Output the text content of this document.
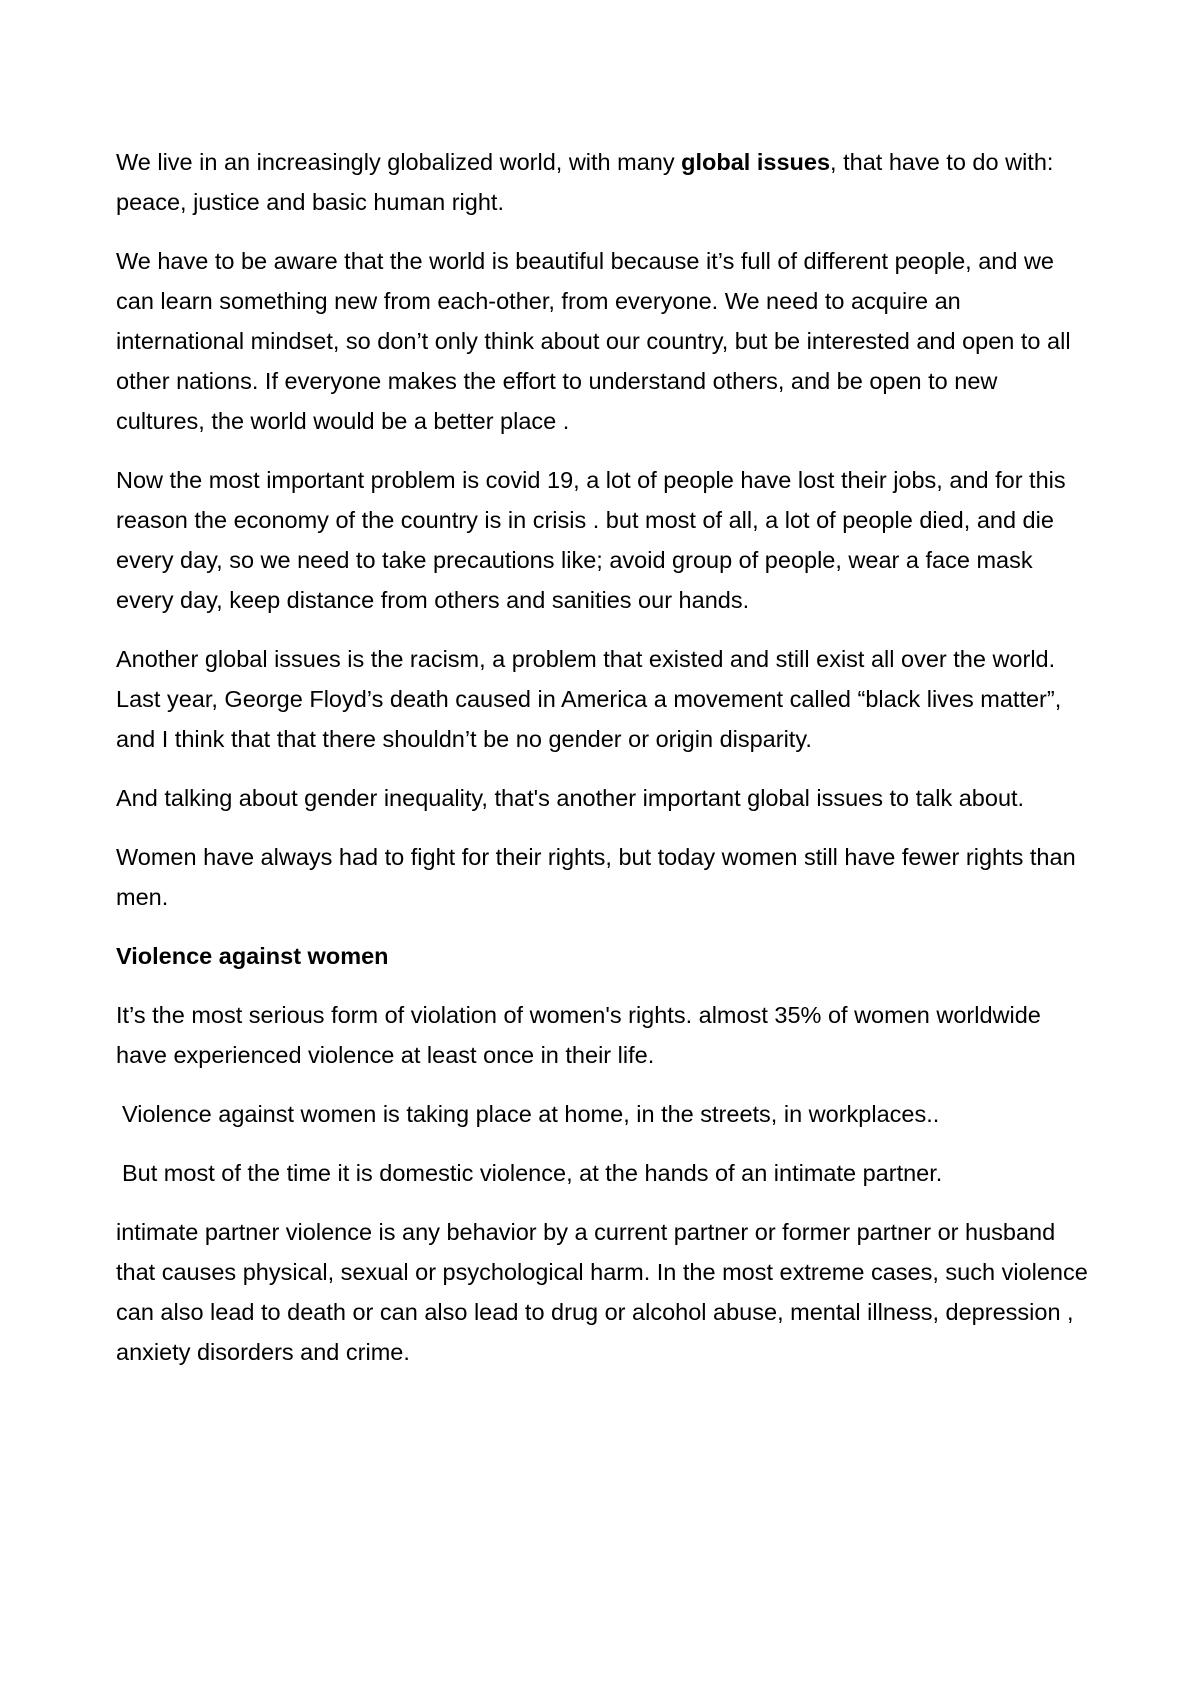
We live in an increasingly globalized world, with many global issues, that have to do with: peace, justice and basic human right.

We have to be aware that the world is beautiful because it’s full of different people, and we can learn something new from each-other, from everyone. We need to acquire an international mindset, so don’t only think about our country, but be interested and open to all other nations. If everyone makes the effort to understand others, and be open to new cultures, the world would be a better place .

Now the most important problem is covid 19, a lot of people have lost their jobs, and for this reason the economy of the country is in crisis . but most of all, a lot of people died, and die every day, so we need to take precautions like; avoid group of people, wear a face mask every day, keep distance from others and sanities our hands.

Another global issues is the racism, a problem that existed and still exist all over the world. Last year, George Floyd’s death caused in America a movement called “black lives matter”, and I think that that there shouldn’t be no gender or origin disparity.

And talking about gender inequality, that's another important global issues to talk about.

Women have always had to fight for their rights, but today women still have fewer rights than men.

Violence against women

It’s the most serious form of violation of women's rights. almost 35% of women worldwide have experienced violence at least once in their life.

Violence against women is taking place at home, in the streets, in workplaces..

But most of the time it is domestic violence, at the hands of an intimate partner.

intimate partner violence is any behavior by a current partner or former partner or husband that causes physical, sexual or psychological harm. In the most extreme cases, such violence can also lead to death or can also lead to drug or alcohol abuse, mental illness, depression , anxiety disorders and crime.
